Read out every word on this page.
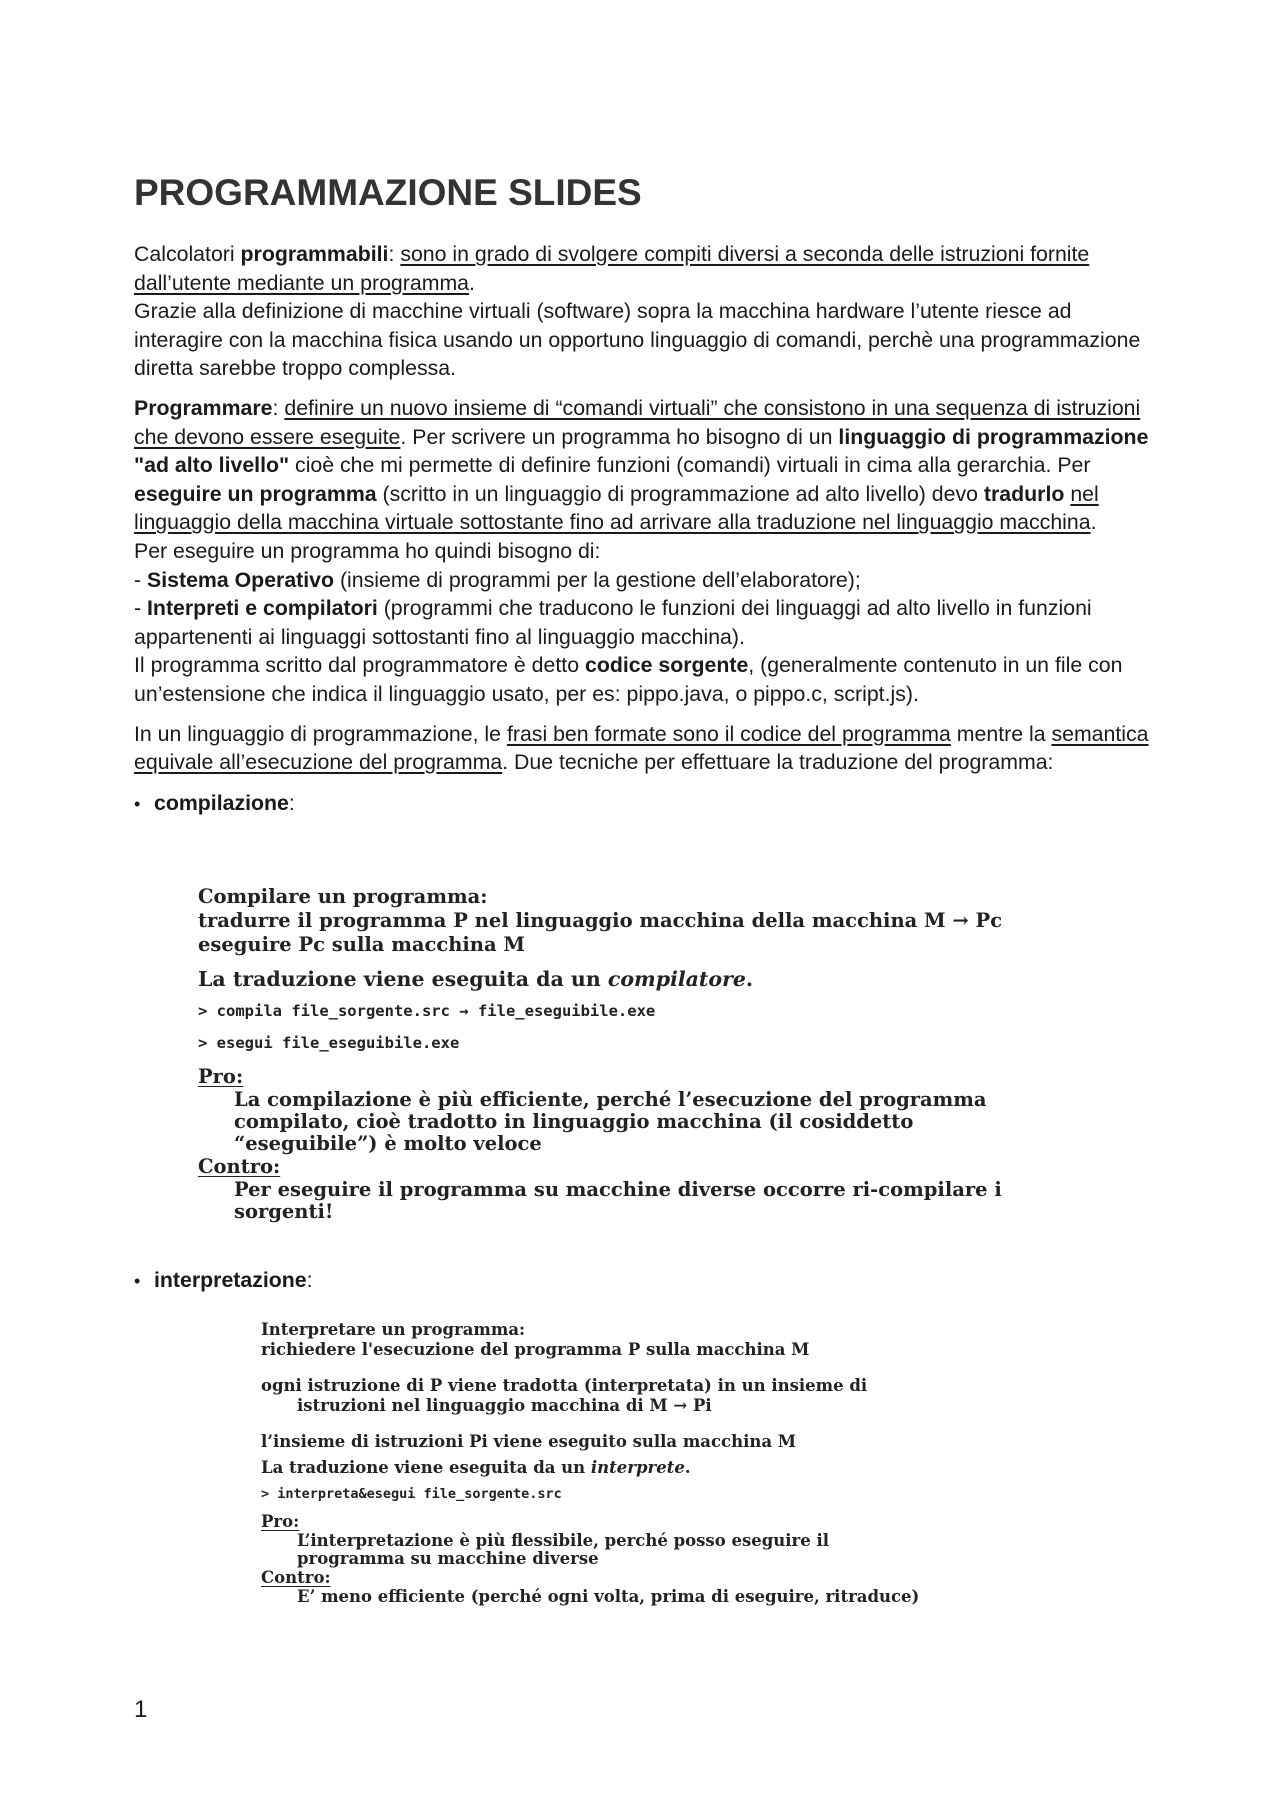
PROGRAMMAZIONE SLIDES

Calcolatori programmabili: sono in grado di svolgere compiti diversi a seconda delle istruzioni fornite dall’utente mediante un programma.

Grazie alla definizione di macchine virtuali (software) sopra la macchina hardware l’utente riesce ad interagire con la macchina fisica usando un opportuno linguaggio di comandi, perchè una programmazione diretta sarebbe troppo complessa.

Programmare: definire un nuovo insieme di “comandi virtuali” che consistono in una sequenza di istruzioni che devono essere eseguite. Per scrivere un programma ho bisogno di un linguaggio di programmazione "ad alto livello" cioè che mi permette di definire funzioni (comandi) virtuali in cima alla gerarchia. Per eseguire un programma (scritto in un linguaggio di programmazione ad alto livello) devo tradurlo nel linguaggio della macchina virtuale sottostante fino ad arrivare alla traduzione nel linguaggio macchina.

Per eseguire un programma ho quindi bisogno di:

- Sistema Operativo (insieme di programmi per la gestione dell’elaboratore);

- Interpreti e compilatori (programmi che traducono le funzioni dei linguaggi ad alto livello in funzioni appartenenti ai linguaggi sottostanti fino al linguaggio macchina).

Il programma scritto dal programmatore è detto codice sorgente, (generalmente contenuto in un file con un’estensione che indica il linguaggio usato, per es: pippo.java, o pippo.c, script.js).

In un linguaggio di programmazione, le frasi ben formate sono il codice del programma mentre la semantica equivale all’esecuzione del programma. Due tecniche per effettuare la traduzione del programma:

• compilazione:
Compilare un programma:
tradurre il programma P nel linguaggio macchina della macchina M → Pc
eseguire Pc sulla macchina M
La traduzione viene eseguita da un compilatore.
> compila file_sorgente.src → file_eseguibile.exe
> esegui file_eseguibile.exe
Pro:
La compilazione è più efficiente, perché l’esecuzione del programma
compilato, cioè tradotto in linguaggio macchina (il cosiddetto
“eseguibile”) è molto veloce
Contro:
Per eseguire il programma su macchine diverse occorre ri-compilare i
sorgenti!
• interpretazione:
Interpretare un programma:
richiedere l'esecuzione del programma P sulla macchina M
ogni istruzione di P viene tradotta (interpretata) in un insieme di
istruzioni nel linguaggio macchina di M → Pi
l’insieme di istruzioni Pi viene eseguito sulla macchina M
La traduzione viene eseguita da un interprete.
> interpreta&esegui file_sorgente.src
Pro:
L’interpretazione è più flessibile, perché posso eseguire il
programma su macchine diverse
Contro:
E’ meno efficiente (perché ogni volta, prima di eseguire, ritraduce)
1
